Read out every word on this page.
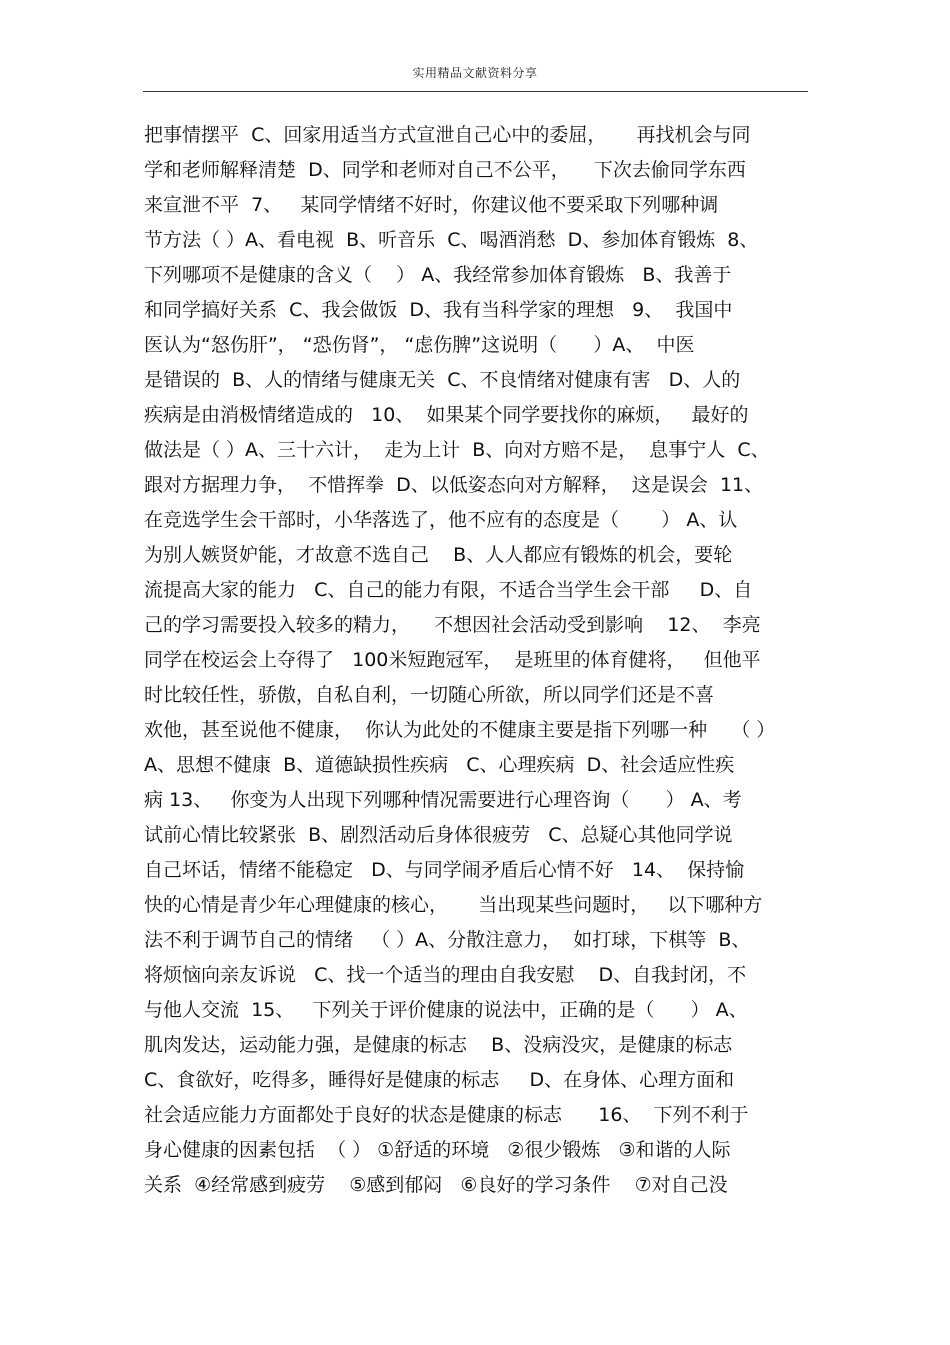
实用精品文献资料分享
把事情摆平  C、回家用适当方式宣泄自己心中的委屈，     再找机会与同
学和老师解释清楚  D、同学和老师对自己不公平，    下次去偷同学东西
来宣泄不平  7、   某同学情绪不好时，你建议他不要采取下列哪种调
节方法（ ）A、看电视  B、听音乐  C、喝酒消愁  D、参加体育锻炼  8、
下列哪项不是健康的含义（    ） A、我经常参加体育锻炼   B、我善于
和同学搞好关系  C、我会做饭  D、我有当科学家的理想   9、  我国中
医认为“怒伤肝”， “恐伤肾”， “虑伤脾”这说明（      ）A、  中医
是错误的  B、人的情绪与健康无关  C、不良情绪对健康有害   D、人的
疾病是由消极情绪造成的   10、  如果某个同学要找你的麻烦，   最好的
做法是（ ）A、三十六计，  走为上计  B、向对方赔不是，  息事宁人  C、
跟对方据理力争，  不惜挥拳  D、以低姿态向对方解释，  这是误会  11、
在竞选学生会干部时，小华落选了，他不应有的态度是（       ） A、认
为别人嫉贤妒能，才故意不选自己    B、人人都应有锻炼的机会，要轮
流提高大家的能力   C、自己的能力有限，不适合当学生会干部     D、自
己的学习需要投入较多的精力，    不想因社会活动受到影响    12、  李亮
同学在校运会上夺得了   100米短跑冠军，  是班里的体育健将，   但他平
时比较任性，骄傲，自私自利，一切随心所欲，所以同学们还是不喜
欢他，甚至说他不健康，  你认为此处的不健康主要是指下列哪一种    （ ）
A、思想不健康  B、道德缺损性疾病   C、心理疾病  D、社会适应性疾
病 13、   你变为人出现下列哪种情况需要进行心理咨询（      ） A、考
试前心情比较紧张  B、剧烈活动后身体很疲劳   C、总疑心其他同学说
自己坏话，情绪不能稳定   D、与同学闹矛盾后心情不好   14、  保持愉
快的心情是青少年心理健康的核心，     当出现某些问题时，   以下哪种方
法不利于调节自己的情绪   （ ）A、分散注意力，  如打球，下棋等  B、
将烦恼向亲友诉说   C、找一个适当的理由自我安慰    D、自我封闭，不
与他人交流  15、   下列关于评价健康的说法中，正确的是（      ） A、
肌肉发达，运动能力强，是健康的标志    B、没病没灾，是健康的标志
C、食欲好，吃得多，睡得好是健康的标志     D、在身体、心理方面和
社会适应能力方面都处于良好的状态是健康的标志      16、  下列不利于
身心健康的因素包括  （ ） ①舒适的环境   ②很少锻炼   ③和谐的人际
关系  ④经常感到疲劳    ⑤感到郁闷   ⑥良好的学习条件    ⑦对自己没
